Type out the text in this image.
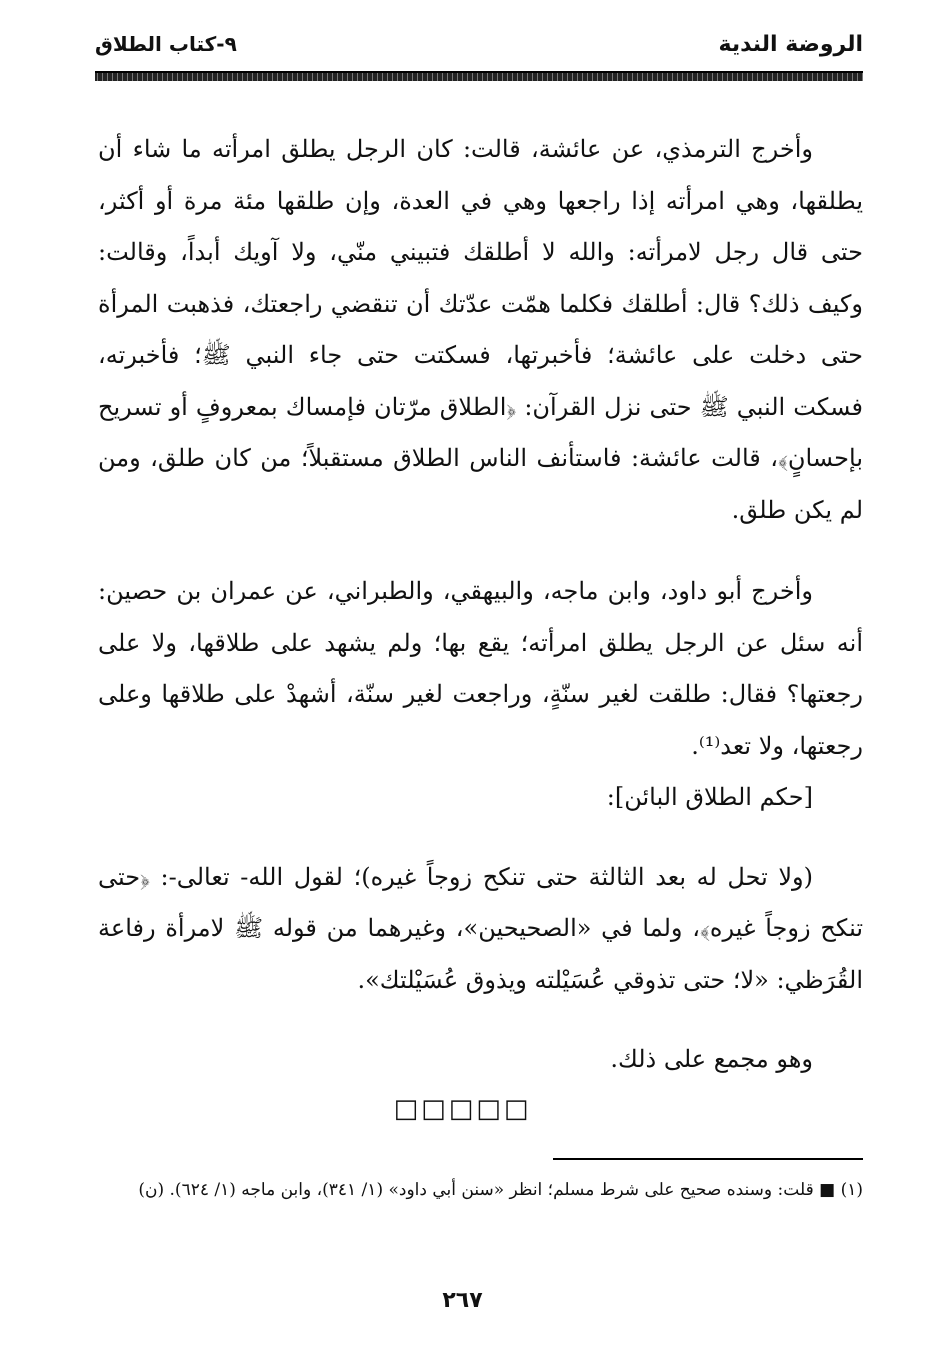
الروضة الندية
٩-كتاب الطلاق

وأخرج الترمذي، عن عائشة، قالت: كان الرجل يطلق امرأته ما شاء أن يطلقها، وهي امرأته إذا راجعها وهي في العدة، وإن طلقها مئة مرة أو أكثر، حتى قال رجل لامرأته: والله لا أطلقك فتبيني منّي، ولا آويك أبداً، وقالت: وكيف ذلك؟ قال: أطلقك فكلما همّت عدّتك أن تنقضي راجعتك، فذهبت المرأة حتى دخلت على عائشة؛ فأخبرتها، فسكتت حتى جاء النبي ﷺ؛ فأخبرته، فسكت النبي ﷺ حتى نزل القرآن: ﴿الطلاق مرّتان فإمساك بمعروفٍ أو تسريح بإحسانٍ﴾، قالت عائشة: فاستأنف الناس الطلاق مستقبلاً؛ من كان طلق، ومن لم يكن طلق.

وأخرج أبو داود، وابن ماجه، والبيهقي، والطبراني، عن عمران بن حصين: أنه سئل عن الرجل يطلق امرأته؛ يقع بها؛ ولم يشهد على طلاقها، ولا على رجعتها؟ فقال: طلقت لغير سنّةٍ، وراجعت لغير سنّة، أشهدْ على طلاقها وعلى رجعتها، ولا تعد⁽¹⁾.

[حكم الطلاق البائن]:

(ولا تحل له بعد الثالثة حتى تنكح زوجاً غيره)؛ لقول الله- تعالى-: ﴿حتى تنكح زوجاً غيره﴾، ولما في «الصحيحين»، وغيرهما من قوله ﷺ لامرأة رفاعة القُرَظي: «لا؛ حتى تذوقي عُسَيْلته ويذوق عُسَيْلتك».

وهو مجمع على ذلك.

□□□□□
(١) ■ قلت: وسنده صحيح على شرط مسلم؛ انظر «سنن أبي داود» (١/ ٣٤١)، وابن ماجه (١/ ٦٢٤). (ن)
٢٦٧
